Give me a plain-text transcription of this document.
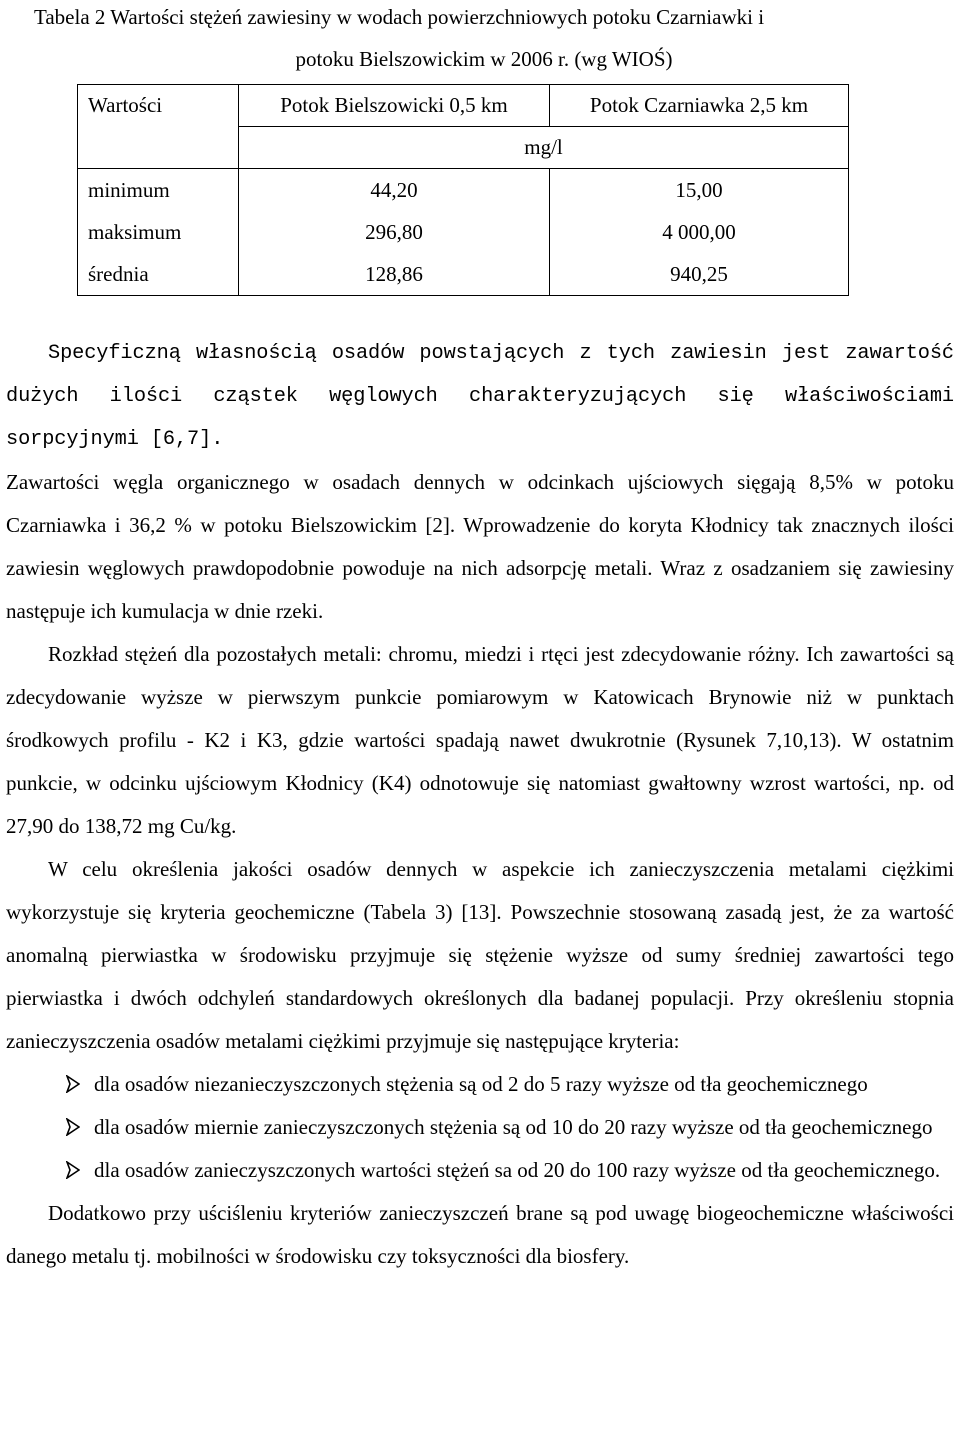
Tabela 2 Wartości stężeń zawiesiny w wodach powierzchniowych potoku Czarniawki i
potoku Bielszowickim w 2006 r. (wg WIOŚ)
Wartości	Potok Bielszowicki 0,5 km	Potok Czarniawka 2,5 km
	mg/l	
minimum	44,20	15,00
maksimum	296,80	4 000,00
średnia	128,86	940,25

Specyficzną własnością osadów powstających z tych zawiesin jest zawartość dużych ilości cząstek węglowych charakteryzujących się właściwościami sorpcyjnymi [6,7].

Zawartości węgla organicznego w osadach dennych w odcinkach ujściowych sięgają 8,5% w potoku Czarniawka i 36,2 % w potoku Bielszowickim [2]. Wprowadzenie do koryta Kłodnicy tak znacznych ilości zawiesin węglowych prawdopodobnie powoduje na nich adsorpcję metali. Wraz z osadzaniem się zawiesiny następuje ich kumulacja w dnie rzeki.

Rozkład stężeń dla pozostałych metali: chromu, miedzi i rtęci jest zdecydowanie różny. Ich zawartości są zdecydowanie wyższe w pierwszym punkcie pomiarowym w Katowicach Brynowie niż w punktach środkowych profilu - K2 i K3, gdzie wartości spadają nawet dwukrotnie (Rysunek 7,10,13). W ostatnim punkcie, w odcinku ujściowym Kłodnicy (K4) odnotowuje się natomiast gwałtowny wzrost wartości, np. od 27,90 do 138,72 mg Cu/kg.

W celu określenia jakości osadów dennych w aspekcie ich zanieczyszczenia metalami ciężkimi wykorzystuje się kryteria geochemiczne (Tabela 3) [13]. Powszechnie stosowaną zasadą jest, że za wartość anomalną pierwiastka w środowisku przyjmuje się stężenie wyższe od sumy średniej zawartości tego pierwiastka i dwóch odchyleń standardowych określonych dla badanej populacji. Przy określeniu stopnia zanieczyszczenia osadów metalami ciężkimi przyjmuje się następujące kryteria:

dla osadów niezanieczyszczonych stężenia są od 2 do 5 razy wyższe od tła geochemicznego
dla osadów miernie zanieczyszczonych stężenia są od 10 do 20 razy wyższe od tła geochemicznego
dla osadów zanieczyszczonych wartości stężeń sa od 20 do 100 razy wyższe od tła geochemicznego.

Dodatkowo przy uściśleniu kryteriów zanieczyszczeń brane są pod uwagę biogeochemiczne właściwości danego metalu tj. mobilności w środowisku czy toksyczności dla biosfery.
